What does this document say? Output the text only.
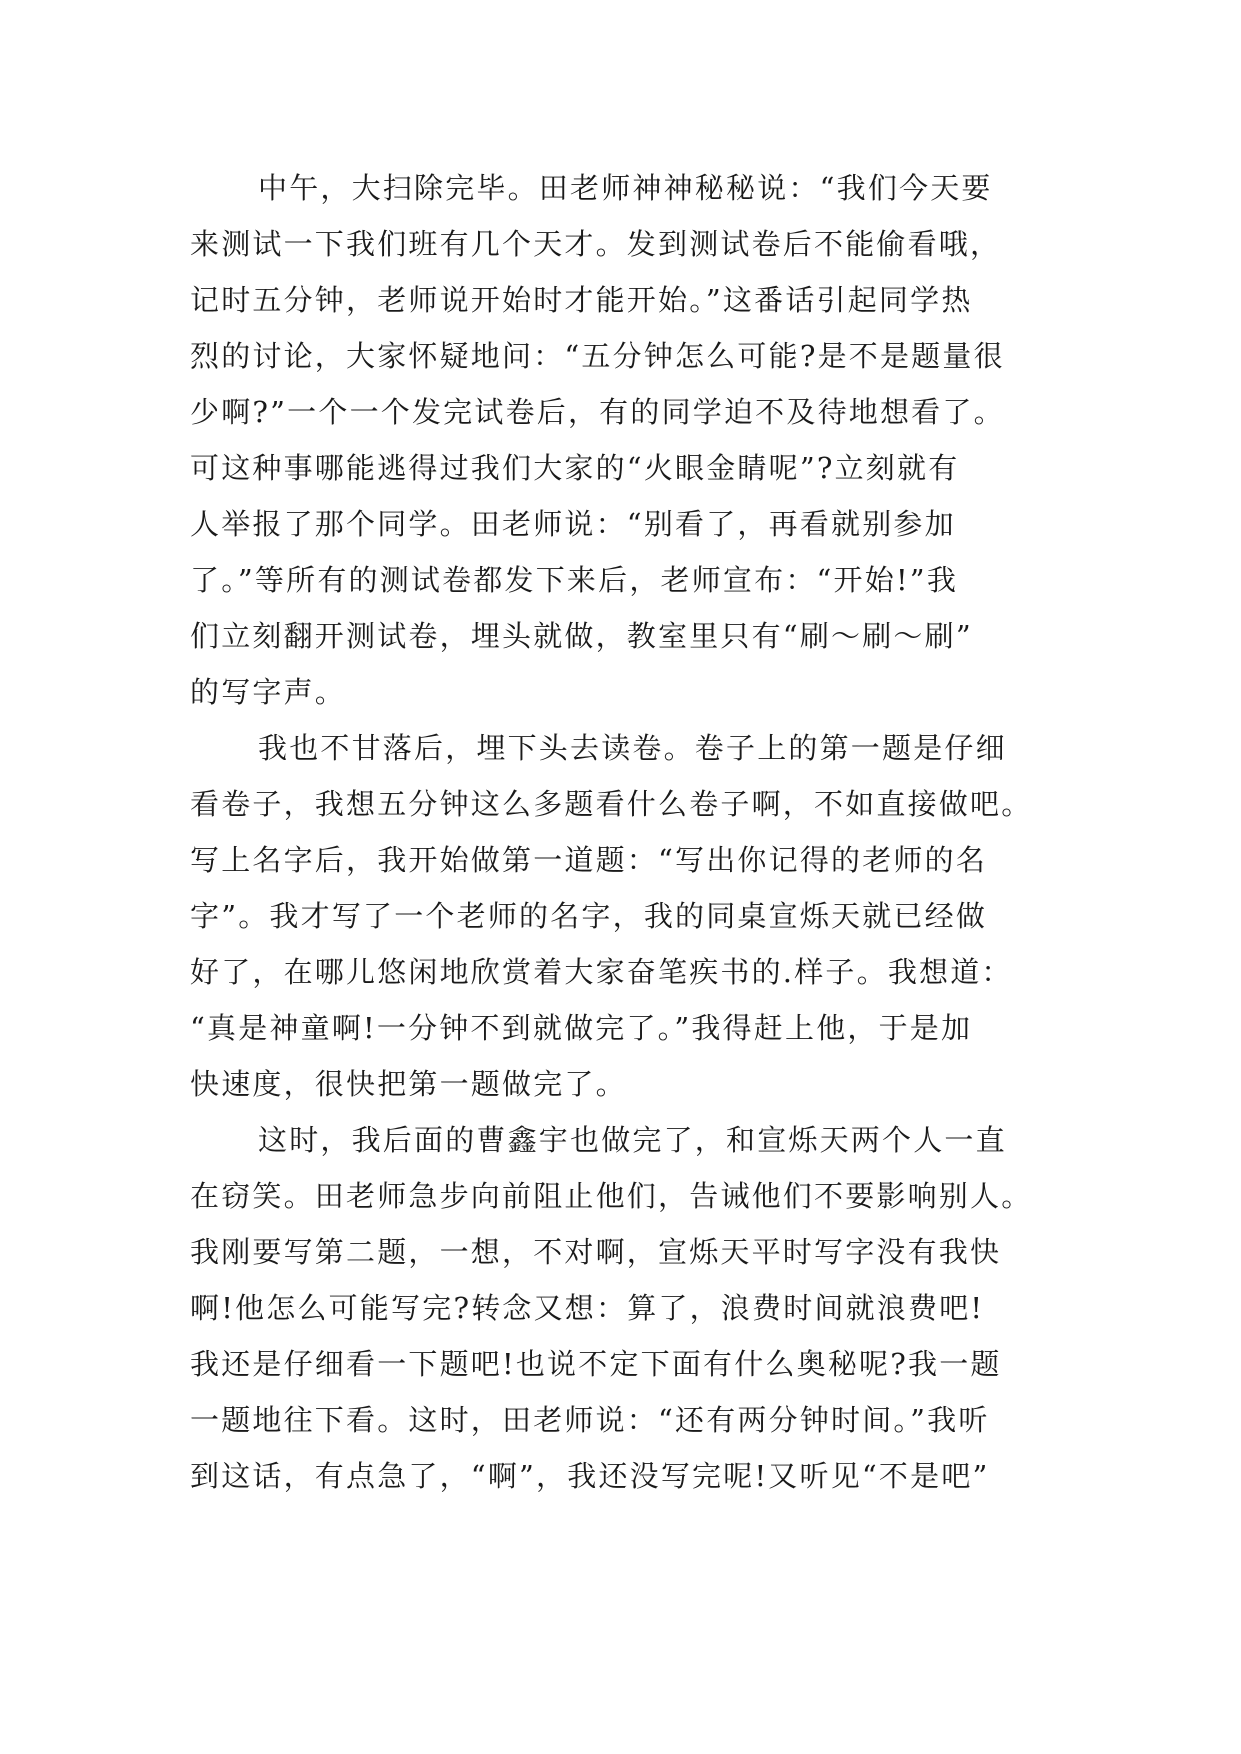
中午，大扫除完毕。田老师神神秘秘说：“我们今天要
来测试一下我们班有几个天才。发到测试卷后不能偷看哦，
记时五分钟，老师说开始时才能开始。”这番话引起同学热
烈的讨论，大家怀疑地问：“五分钟怎么可能?是不是题量很
少啊?”一个一个发完试卷后，有的同学迫不及待地想看了。
可这种事哪能逃得过我们大家的“火眼金睛呢”?立刻就有
人举报了那个同学。田老师说：“别看了，再看就别参加
了。”等所有的测试卷都发下来后，老师宣布：“开始!”我
们立刻翻开测试卷，埋头就做，教室里只有“刷～刷～刷”
的写字声。
我也不甘落后，埋下头去读卷。卷子上的第一题是仔细
看卷子，我想五分钟这么多题看什么卷子啊，不如直接做吧。
写上名字后，我开始做第一道题：“写出你记得的老师的名
字”。我才写了一个老师的名字，我的同桌宣烁天就已经做
好了，在哪儿悠闲地欣赏着大家奋笔疾书的.样子。我想道：
“真是神童啊!一分钟不到就做完了。”我得赶上他，于是加
快速度，很快把第一题做完了。
这时，我后面的曹鑫宇也做完了，和宣烁天两个人一直
在窃笑。田老师急步向前阻止他们，告诫他们不要影响别人。
我刚要写第二题，一想，不对啊，宣烁天平时写字没有我快
啊!他怎么可能写完?转念又想：算了，浪费时间就浪费吧!
我还是仔细看一下题吧!也说不定下面有什么奥秘呢?我一题
一题地往下看。这时，田老师说：“还有两分钟时间。”我听
到这话，有点急了，“啊”，我还没写完呢!又听见“不是吧”
